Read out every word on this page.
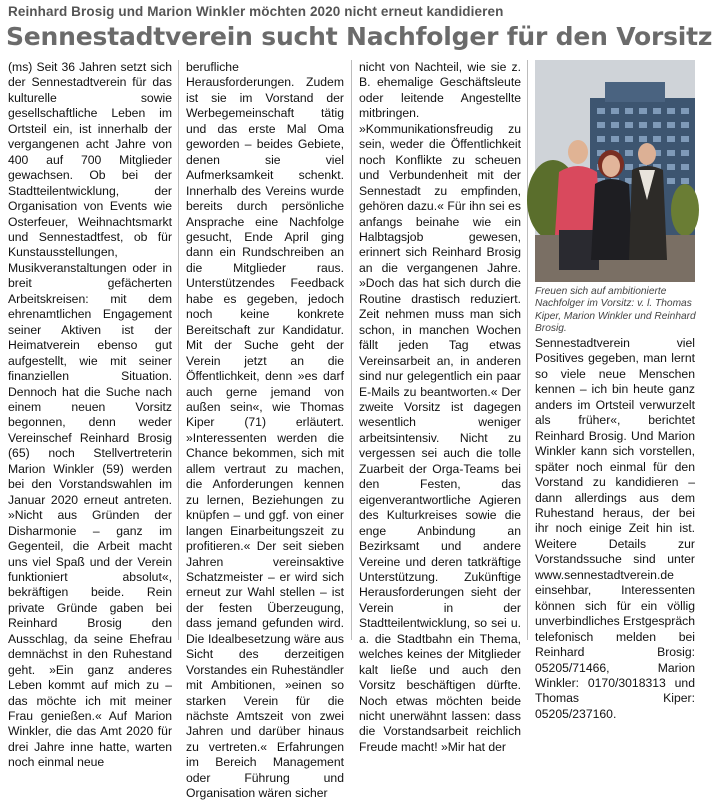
Reinhard Brosig und Marion Winkler möchten 2020 nicht erneut kandidieren
Sennestadtverein sucht Nachfolger für den Vorsitz

(ms) Seit 36 Jahren setzt sich der Sennestadtverein für das kulturelle sowie gesellschaftliche Leben im Ortsteil ein, ist innerhalb der vergangenen acht Jahre von 400 auf 700 Mitglieder gewachsen. Ob bei der Stadtteilentwicklung, der Organisation von Events wie Osterfeuer, Weihnachtsmarkt und Sennestadtfest, ob für Kunstausstellungen, Musikveranstaltungen oder in breit gefächerten Arbeitskreisen: mit dem ehrenamtlichen Engagement seiner Aktiven ist der Heimatverein ebenso gut aufgestellt, wie mit seiner finanziellen Situation. Dennoch hat die Suche nach einem neuen Vorsitz begonnen, denn weder Vereinschef Reinhard Brosig (65) noch Stellvertreterin Marion Winkler (59) werden bei den Vorstandswahlen im Januar 2020 erneut antreten. »Nicht aus Gründen der Disharmonie – ganz im Gegenteil, die Arbeit macht uns viel Spaß und der Verein funktioniert absolut«, bekräftigen beide. Rein private Gründe gaben bei Reinhard Brosig den Ausschlag, da seine Ehefrau demnächst in den Ruhestand geht. »Ein ganz anderes Leben kommt auf mich zu – das möchte ich mit meiner Frau genießen.« Auf Marion Winkler, die das Amt 2020 für drei Jahre inne hatte, warten noch einmal neue

berufliche Herausforderungen. Zudem ist sie im Vorstand der Werbegemeinschaft tätig und das erste Mal Oma geworden – beides Gebiete, denen sie viel Aufmerksamkeit schenkt. Innerhalb des Vereins wurde bereits durch persönliche Ansprache eine Nachfolge gesucht, Ende April ging dann ein Rundschreiben an die Mitglieder raus. Unterstützendes Feedback habe es gegeben, jedoch noch keine konkrete Bereitschaft zur Kandidatur. Mit der Suche geht der Verein jetzt an die Öffentlichkeit, denn »es darf auch gerne jemand von außen sein«, wie Thomas Kiper (71) erläutert. »Interessenten werden die Chance bekommen, sich mit allem vertraut zu machen, die Anforderungen kennen zu lernen, Beziehungen zu knüpfen – und ggf. von einer langen Einarbeitungszeit zu profitieren.« Der seit sieben Jahren vereinsaktive Schatzmeister – er wird sich erneut zur Wahl stellen – ist der festen Überzeugung, dass jemand gefunden wird. Die Idealbesetzung wäre aus Sicht des derzeitigen Vorstandes ein Ruheständler mit Ambitionen, »einen so starken Verein für die nächste Amtszeit von zwei Jahren und darüber hinaus zu vertreten.« Erfahrungen im Bereich Management oder Führung und Organisation wären sicher

nicht von Nachteil, wie sie z. B. ehemalige Geschäftsleute oder leitende Angestellte mitbringen. »Kommunikationsfreudig zu sein, weder die Öffentlichkeit noch Konflikte zu scheuen und Verbundenheit mit der Sennestadt zu empfinden, gehören dazu.« Für ihn sei es anfangs beinahe wie ein Halbtagsjob gewesen, erinnert sich Reinhard Brosig an die vergangenen Jahre. »Doch das hat sich durch die Routine drastisch reduziert. Zeit nehmen muss man sich schon, in manchen Wochen fällt jeden Tag etwas Vereinsarbeit an, in anderen sind nur gelegentlich ein paar E-Mails zu beantworten.« Der zweite Vorsitz ist dagegen wesentlich weniger arbeitsintensiv. Nicht zu vergessen sei auch die tolle Zuarbeit der Orga-Teams bei den Festen, das eigenverantwortliche Agieren des Kulturkreises sowie die enge Anbindung an Bezirksamt und andere Vereine und deren tatkräftige Unterstützung. Zukünftige Herausforderungen sieht der Verein in der Stadtteilentwicklung, so sei u. a. die Stadtbahn ein Thema, welches keines der Mitglieder kalt ließe und auch den Vorsitz beschäftigen dürfte. Noch etwas möchten beide nicht unerwähnt lassen: dass die Vorstandsarbeit reichlich Freude macht! »Mir hat der

Freuen sich auf ambitionierte Nachfolger im Vorsitz: v. l. Thomas Kiper, Marion Winkler und Reinhard Brosig.

Sennestadtverein viel Positives gegeben, man lernt so viele neue Menschen kennen – ich bin heute ganz anders im Ortsteil verwurzelt als früher«, berichtet Reinhard Brosig. Und Marion Winkler kann sich vorstellen, später noch einmal für den Vorstand zu kandidieren – dann allerdings aus dem Ruhestand heraus, der bei ihr noch einige Zeit hin ist. Weitere Details zur Vorstandssuche sind unter www.sennestadtverein.de einsehbar, Interessenten können sich für ein völlig unverbindliches Erstgespräch telefonisch melden bei Reinhard Brosig: 05205/71466, Marion Winkler: 0170/3018313 und Thomas Kiper: 05205/237160.
